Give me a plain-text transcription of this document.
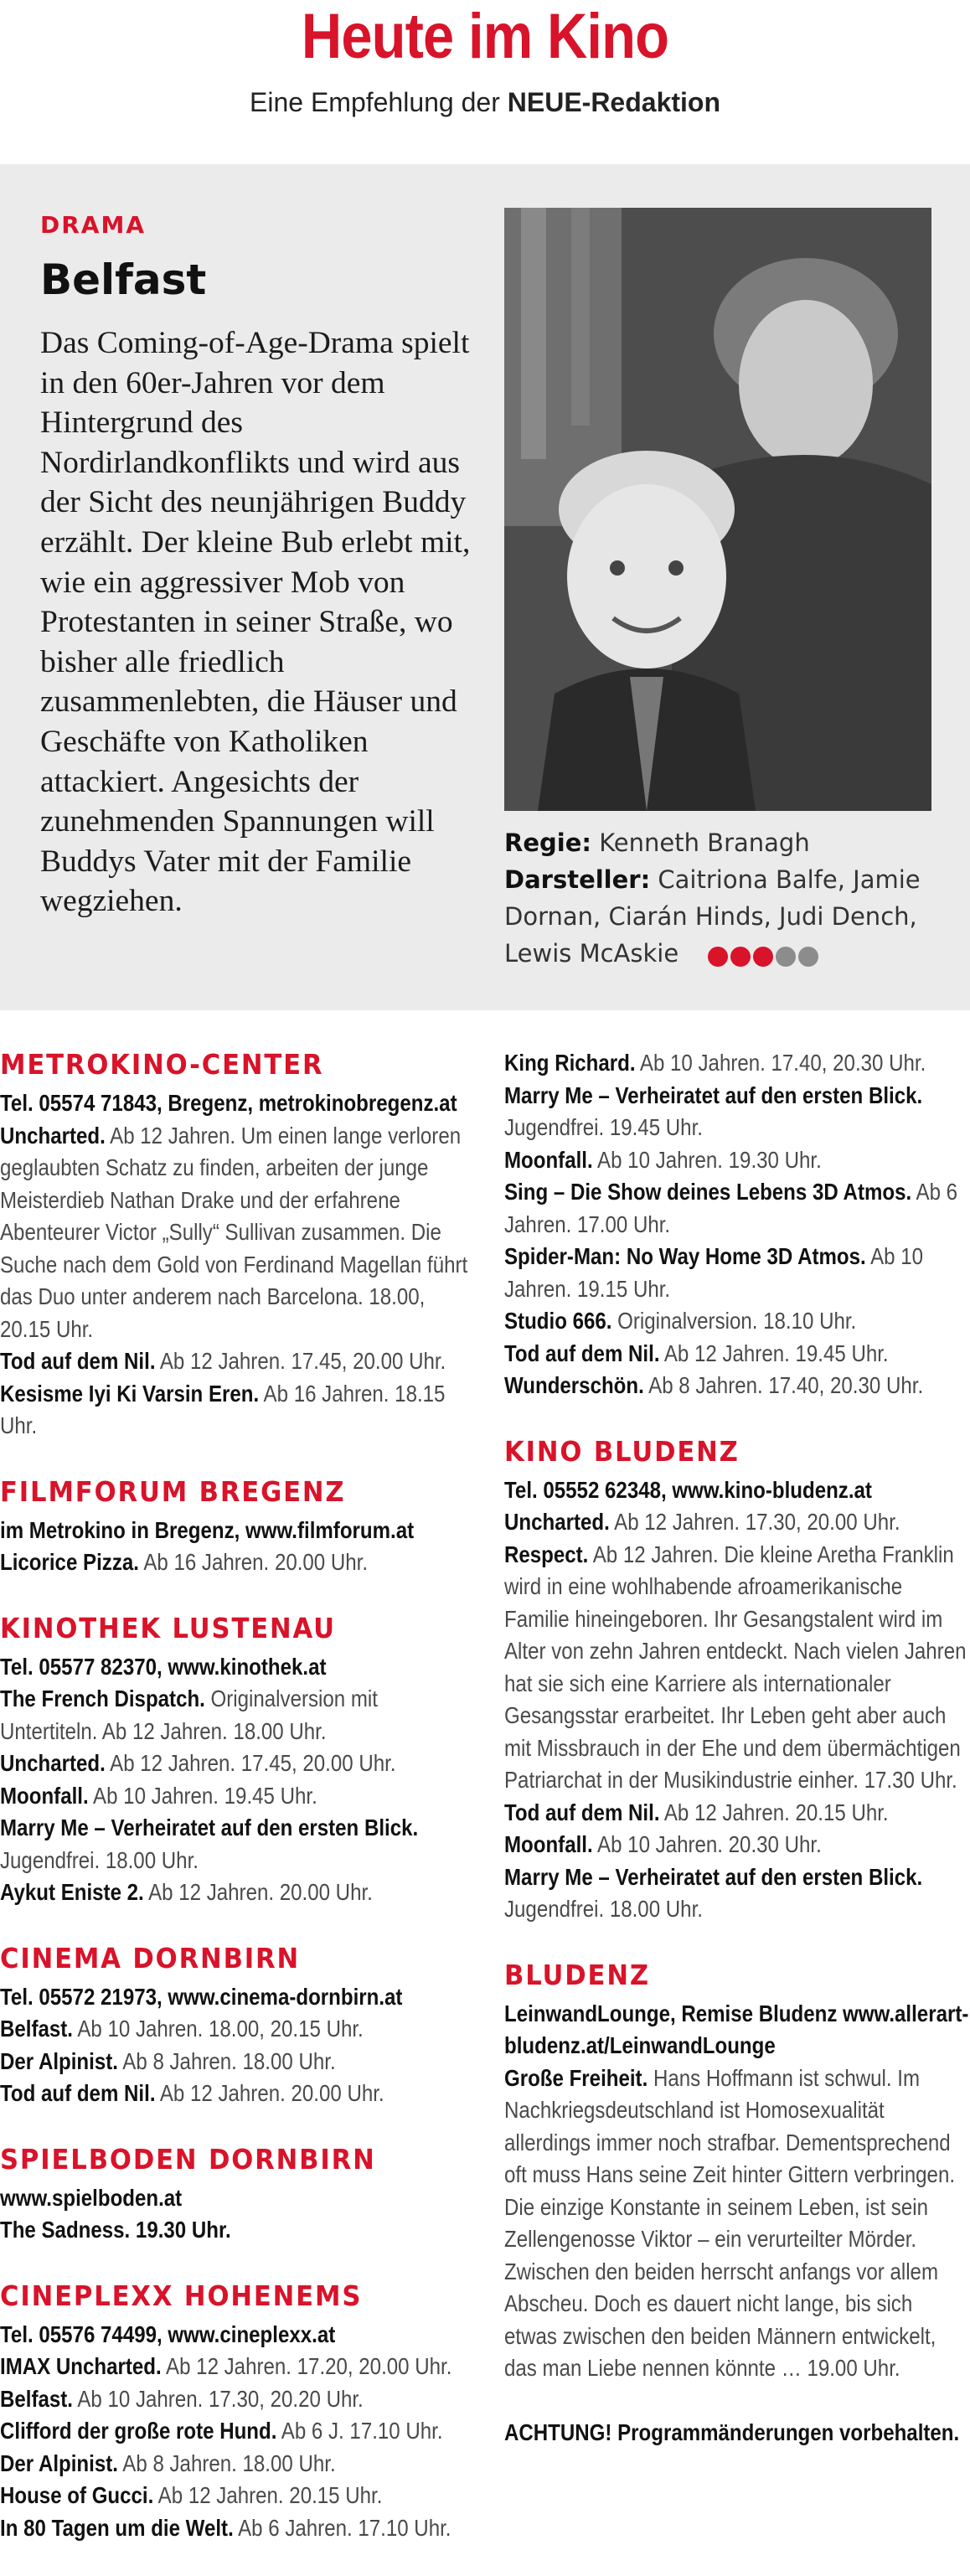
Heute im Kino
Eine Empfehlung der NEUE-Redaktion
DRAMA
Belfast

Das Coming-of-Age-Drama spielt in den 60er-Jahren vor dem Hintergrund des Nordirlandkonflikts und wird aus der Sicht des neunjährigen Buddy erzählt. Der kleine Bub erlebt mit, wie ein aggressiver Mob von Protestanten in seiner Straße, wo bisher alle friedlich zusammenlebten, die Häuser und Geschäfte von Katholiken attackiert. Angesichts der zunehmenden Spannungen will Buddys Vater mit der Familie wegziehen.

Regie: Kenneth Branagh
Darsteller: Caitriona Balfe, Jamie Dornan, Ciarán Hinds, Judi Dench, Lewis McAskie
METROKINO-CENTER
Tel. 05574 71843, Bregenz, metrokinobregenz.at
Uncharted. Ab 12 Jahren. Um einen lange verloren geglaubten Schatz zu finden, arbeiten der junge Meisterdieb Nathan Drake und der erfahrene Abenteurer Victor „Sully“ Sullivan zusammen. Die Suche nach dem Gold von Ferdinand Magellan führt das Duo unter anderem nach Barcelona. 18.00, 20.15 Uhr.
Tod auf dem Nil. Ab 12 Jahren. 17.45, 20.00 Uhr.
Kesisme Iyi Ki Varsin Eren. Ab 16 Jahren. 18.15 Uhr.
FILMFORUM BREGENZ
im Metrokino in Bregenz, www.filmforum.at
Licorice Pizza. Ab 16 Jahren. 20.00 Uhr.
KINOTHEK LUSTENAU
Tel. 05577 82370, www.kinothek.at
The French Dispatch. Originalversion mit Untertiteln. Ab 12 Jahren. 18.00 Uhr.
Uncharted. Ab 12 Jahren. 17.45, 20.00 Uhr.
Moonfall. Ab 10 Jahren. 19.45 Uhr.
Marry Me – Verheiratet auf den ersten Blick. Jugendfrei. 18.00 Uhr.
Aykut Eniste 2. Ab 12 Jahren. 20.00 Uhr.
CINEMA DORNBIRN
Tel. 05572 21973, www.cinema-dornbirn.at
Belfast. Ab 10 Jahren. 18.00, 20.15 Uhr.
Der Alpinist. Ab 8 Jahren. 18.00 Uhr.
Tod auf dem Nil. Ab 12 Jahren. 20.00 Uhr.
SPIELBODEN DORNBIRN
www.spielboden.at
The Sadness. 19.30 Uhr.
CINEPLEXX HOHENEMS
Tel. 05576 74499, www.cineplexx.at
IMAX Uncharted. Ab 12 Jahren. 17.20, 20.00 Uhr.
Belfast. Ab 10 Jahren. 17.30, 20.20 Uhr.
Clifford der große rote Hund. Ab 6 J. 17.10 Uhr.
Der Alpinist. Ab 8 Jahren. 18.00 Uhr.
House of Gucci. Ab 12 Jahren. 20.15 Uhr.
In 80 Tagen um die Welt. Ab 6 Jahren. 17.10 Uhr.
King Richard. Ab 10 Jahren. 17.40, 20.30 Uhr.
Marry Me – Verheiratet auf den ersten Blick. Jugendfrei. 19.45 Uhr.
Moonfall. Ab 10 Jahren. 19.30 Uhr.
Sing – Die Show deines Lebens 3D Atmos. Ab 6 Jahren. 17.00 Uhr.
Spider-Man: No Way Home 3D Atmos. Ab 10 Jahren. 19.15 Uhr.
Studio 666. Originalversion. 18.10 Uhr.
Tod auf dem Nil. Ab 12 Jahren. 19.45 Uhr.
Wunderschön. Ab 8 Jahren. 17.40, 20.30 Uhr.
KINO BLUDENZ
Tel. 05552 62348, www.kino-bludenz.at
Uncharted. Ab 12 Jahren. 17.30, 20.00 Uhr.
Respect. Ab 12 Jahren. Die kleine Aretha Franklin wird in eine wohlhabende afroamerikanische Familie hineingeboren. Ihr Gesangstalent wird im Alter von zehn Jahren entdeckt. Nach vielen Jahren hat sie sich eine Karriere als internationaler Gesangsstar erarbeitet. Ihr Leben geht aber auch mit Missbrauch in der Ehe und dem übermächtigen Patriarchat in der Musikindustrie einher. 17.30 Uhr.
Tod auf dem Nil. Ab 12 Jahren. 20.15 Uhr.
Moonfall. Ab 10 Jahren. 20.30 Uhr.
Marry Me – Verheiratet auf den ersten Blick. Jugendfrei. 18.00 Uhr.
BLUDENZ
LeinwandLounge, Remise Bludenz www.allerart-bludenz.at/LeinwandLounge
Große Freiheit. Hans Hoffmann ist schwul. Im Nachkriegsdeutschland ist Homosexualität allerdings immer noch strafbar. Dementsprechend oft muss Hans seine Zeit hinter Gittern verbringen. Die einzige Konstante in seinem Leben, ist sein Zellengenosse Viktor – ein verurteilter Mörder. Zwischen den beiden herrscht anfangs vor allem Abscheu. Doch es dauert nicht lange, bis sich etwas zwischen den beiden Männern entwickelt, das man Liebe nennen könnte … 19.00 Uhr.
ACHTUNG! Programmänderungen vorbehalten.
